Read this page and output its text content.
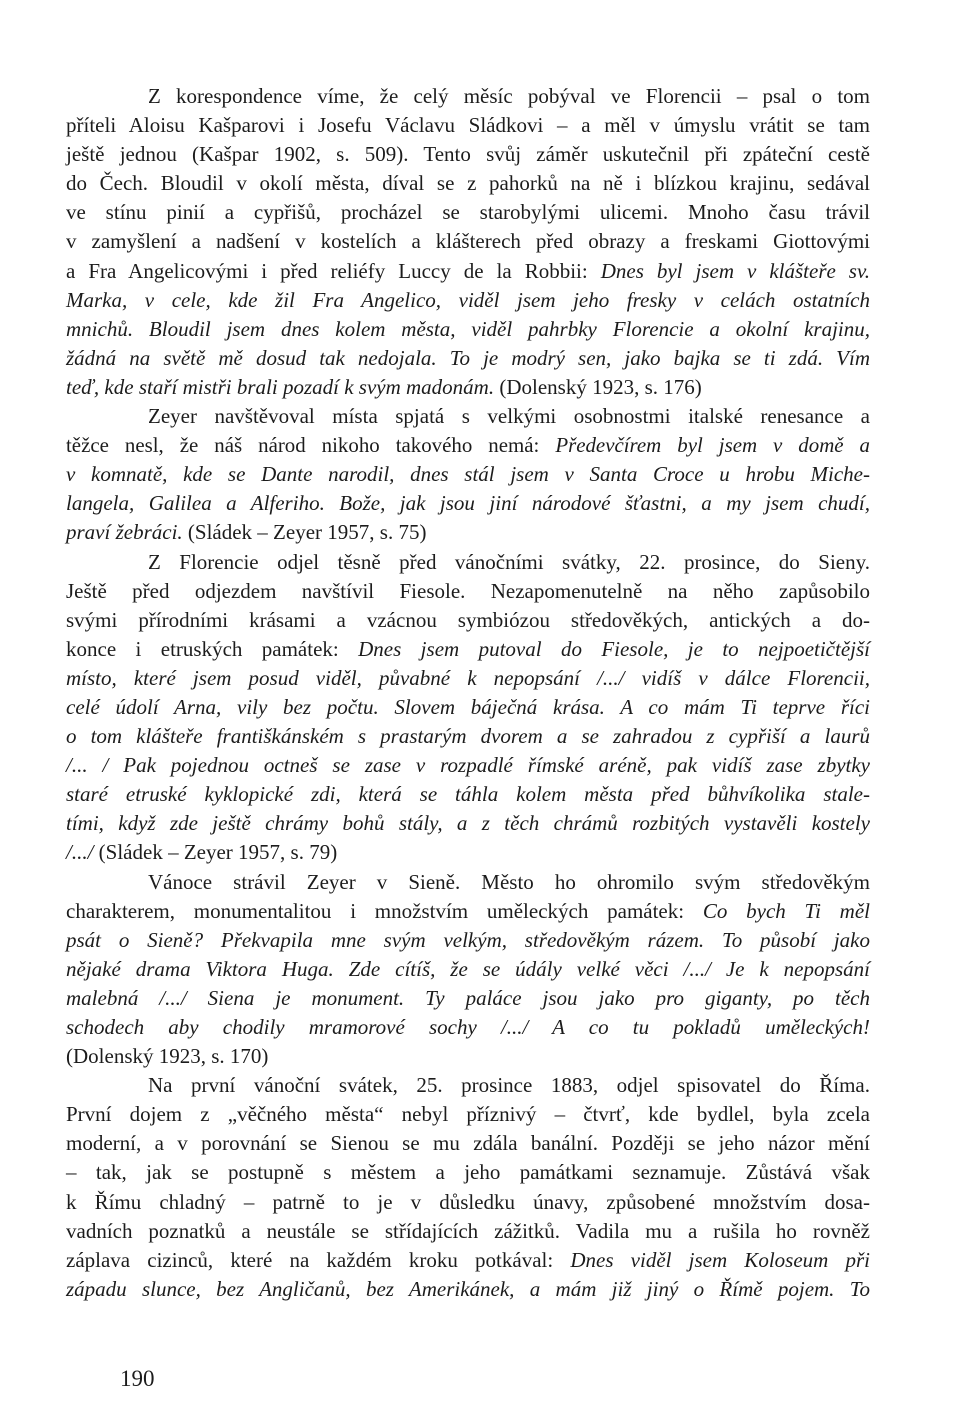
Z korespondence víme, že celý měsíc pobýval ve Florencii – psal o tom
příteli Aloisu Kašparovi i Josefu Václavu Sládkovi – a měl v úmyslu vrátit se tam
ještě jednou (Kašpar 1902, s. 509). Tento svůj záměr uskutečnil při zpáteční cestě
do Čech. Bloudil v okolí města, díval se z pahorků na ně i blízkou krajinu, sedával
ve stínu pinií a cypřišů, procházel se starobylými ulicemi. Mnoho času trávil
v zamyšlení a nadšení v kostelích a klášterech před obrazy a freskami Giottovými
a Fra Angelicovými i před reliéfy Luccy de la Robbii: Dnes byl jsem v klášteře sv.
Marka, v cele, kde žil Fra Angelico, viděl jsem jeho fresky v celách ostatních
mnichů. Bloudil jsem dnes kolem města, viděl pahrbky Florencie a okolní krajinu,
žádná na světě mě dosud tak nedojala. To je modrý sen, jako bajka se ti zdá. Vím
teď, kde staří mistři brali pozadí k svým madonám. (Dolenský 1923, s. 176)
Zeyer navštěvoval místa spjatá s velkými osobnostmi italské renesance a
těžce nesl, že náš národ nikoho takového nemá: Předevčírem byl jsem v domě a
v komnatě, kde se Dante narodil, dnes stál jsem v Santa Croce u hrobu Miche-
langela, Galilea a Alferiho. Bože, jak jsou jiní národové šťastni, a my jsem chudí,
praví žebráci. (Sládek – Zeyer 1957, s. 75)
Z Florencie odjel těsně před vánočními svátky, 22. prosince, do Sieny.
Ještě před odjezdem navštívil Fiesole. Nezapomenutelně na něho zapůsobilo
svými přírodními krásami a vzácnou symbiózou středověkých, antických a do-
konce i etruských památek: Dnes jsem putoval do Fiesole, je to nejpoetičtější
místo, které jsem posud viděl, půvabné k nepopsání /.../ vidíš v dálce Florencii,
celé údolí Arna, vily bez počtu. Slovem báječná krása. A co mám Ti teprve říci
o tom klášteře františkánském s prastarým dvorem a se zahradou z cypřiší a laurů
/... / Pak pojednou octneš se zase v rozpadlé římské aréně, pak vidíš zase zbytky
staré etruské kyklopické zdi, která se táhla kolem města před bůhvíkolika stale-
tími, když zde ještě chrámy bohů stály, a z těch chrámů rozbitých vystavěli kostely
/.../ (Sládek – Zeyer 1957, s. 79)
Vánoce strávil Zeyer v Sieně. Město ho ohromilo svým středověkým
charakterem, monumentalitou i množstvím uměleckých památek: Co bych Ti měl
psát o Sieně? Překvapila mne svým velkým, středověkým rázem. To působí jako
nějaké drama Viktora Huga. Zde cítíš, že se údály velké věci /.../ Je k nepopsání
malebná /.../ Siena je monument. Ty paláce jsou jako pro giganty, po těch
schodech aby chodily mramorové sochy /.../ A co tu pokladů uměleckých!
(Dolenský 1923, s. 170)
Na první vánoční svátek, 25. prosince 1883, odjel spisovatel do Říma.
První dojem z „věčného města“ nebyl příznivý – čtvrť, kde bydlel, byla zcela
moderní, a v porovnání se Sienou se mu zdála banální. Později se jeho názor mění
– tak, jak se postupně s městem a jeho památkami seznamuje. Zůstává však
k Římu chladný – patrně to je v důsledku únavy, způsobené množstvím dosa-
vadních poznatků a neustále se střídajících zážitků. Vadila mu a rušila ho rovněž
záplava cizinců, které na každém kroku potkával: Dnes viděl jsem Koloseum při
západu slunce, bez Angličanů, bez Amerikánek, a mám již jiný o Římě pojem. To
190
